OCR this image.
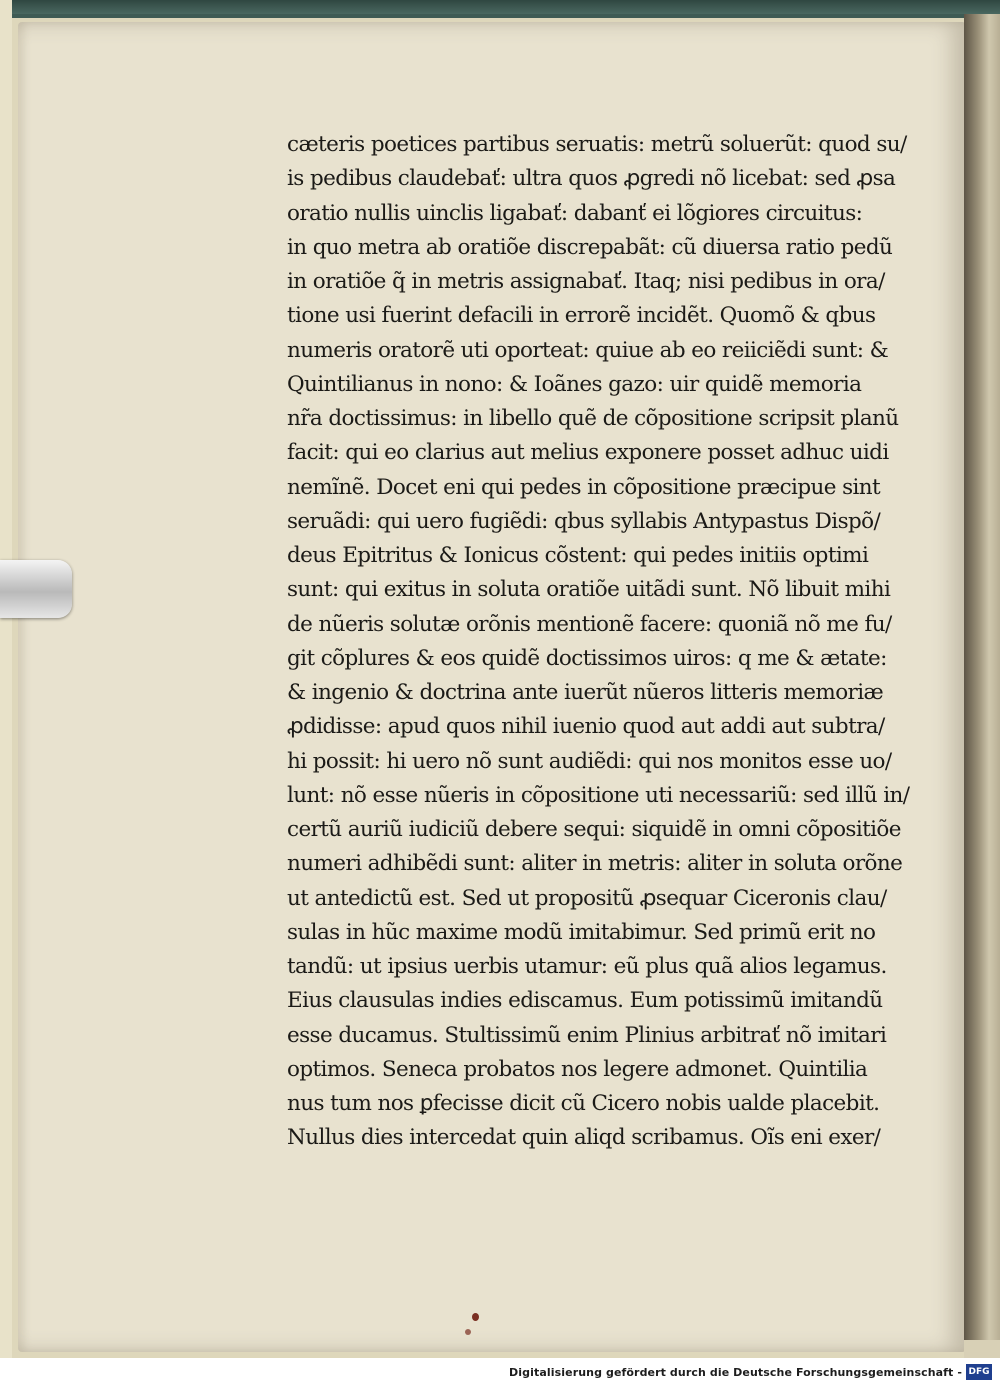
cæteris poetices partibus seruatis: metrũ soluerũt: quod su/
is pedibus claudebať: ultra quos ꝓgredi nõ licebat: sed ꝓsa
oratio nullis uinclis ligabať: dabanť ei lõgiores circuitus:
in quo metra ab oratiõe discrepabãt: cũ diuersa ratio pedũ
in oratiõe q̃ in metris assignabať. Itaq; nisi pedibus in ora/
tione usi fuerint defacili in errorẽ incidẽt. Quomõ & qbus
numeris oratorẽ uti oporteat: quiue ab eo reiiciẽdi sunt: &
Quintilianus in nono: & Ioãnes gazo: uir quidẽ memoria
nr̃a doctissimus: in libello quẽ de cõpositione scripsit planũ
facit: qui eo clarius aut melius exponere posset adhuc uidi
nemĩnẽ. Docet eni qui pedes in cõpositione præcipue sint
seruãdi: qui uero fugiẽdi: qbus syllabis Antypastus Dispõ/
deus Epitritus & Ionicus cõstent: qui pedes initiis optimi
sunt: qui exitus in soluta oratiõe uitãdi sunt. Nõ libuit mihi
de nũeris solutæ orõnis mentionẽ facere: quoniã nõ me fu/
git cõplures & eos quidẽ doctissimos uiros: q me & ætate:
& ingenio & doctrina ante iuerũt nũeros litteris memoriæ
ꝓdidisse: apud quos nihil iuenio quod aut addi aut subtra/
hi possit: hi uero nõ sunt audiẽdi: qui nos monitos esse uo/
lunt: nõ esse nũeris in cõpositione uti necessariũ: sed illũ in/
certũ auriũ iudiciũ debere sequi: siquidẽ in omni cõpositiõe
numeri adhibẽdi sunt: aliter in metris: aliter in soluta orõne
ut antedictũ est. Sed ut propositũ ꝓsequar Ciceronis clau/
sulas in hũc maxime modũ imitabimur. Sed primũ erit no
tandũ: ut ipsius uerbis utamur: eũ plus quã alios legamus.
Eius clausulas indies ediscamus. Eum potissimũ imitandũ
esse ducamus. Stultissimũ enim Plinius arbitrať nõ imitari
optimos. Seneca probatos nos legere admonet. Quintilia
nus tum nos ꝑfecisse dicit cũ Cicero nobis ualde placebit.
Nullus dies intercedat quin aliqd scribamus. Oĩs eni exer/
Digitalisierung gefördert durch die Deutsche Forschungsgemeinschaft - DFG
